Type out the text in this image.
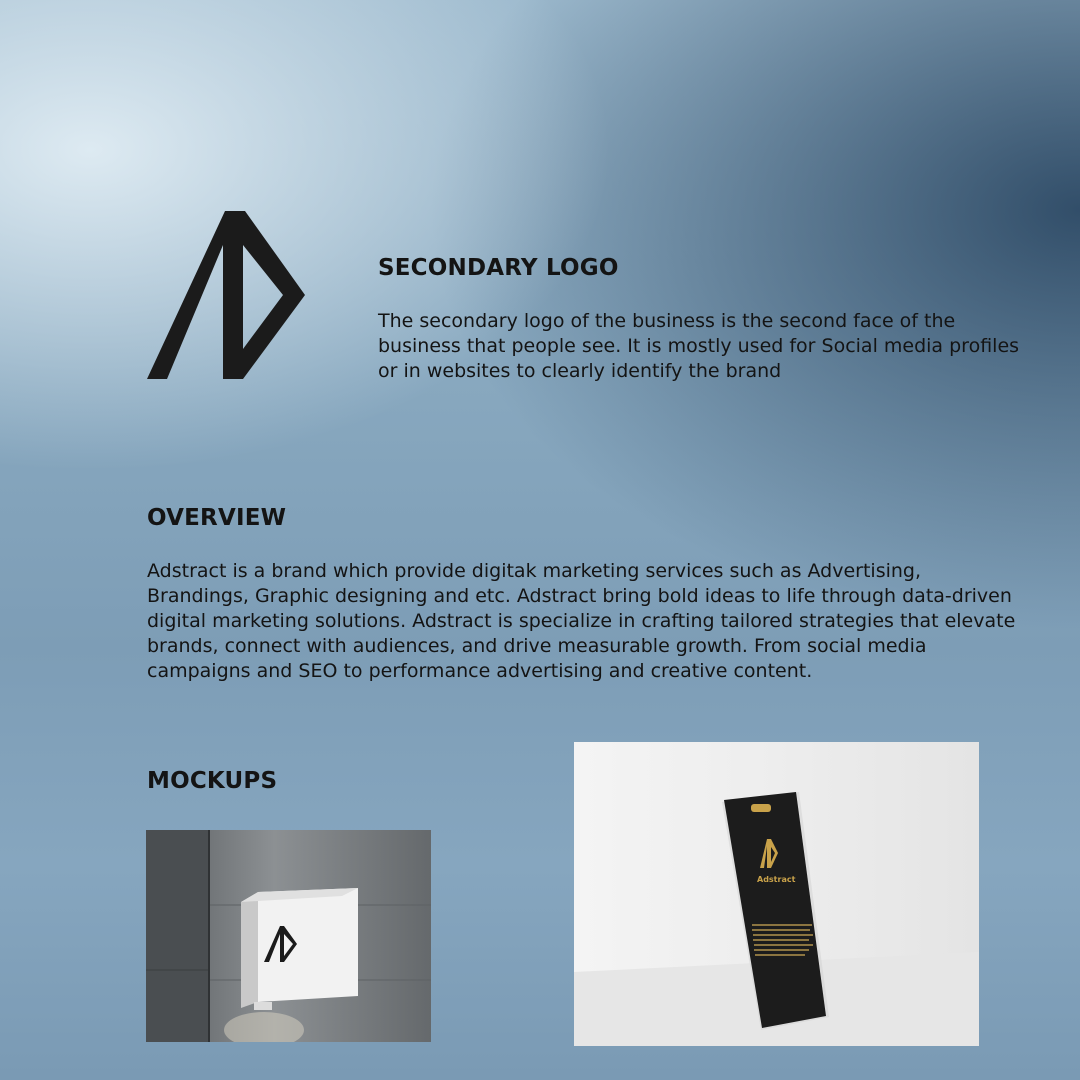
SECONDARY LOGO

The secondary logo of the business is the second face of the business that people see. It is mostly used for Social media profiles or in websites to clearly identify the brand

OVERVIEW

Adstract is a brand which provide digitak marketing services such as Advertising, Brandings, Graphic designing and etc. Adstract bring bold ideas to life through data-driven digital marketing solutions. Adstract is specialize in crafting tailored strategies that elevate brands, connect with audiences, and drive measurable growth. From social media campaigns and SEO to performance advertising and creative content.

MOCKUPS
Adstract
